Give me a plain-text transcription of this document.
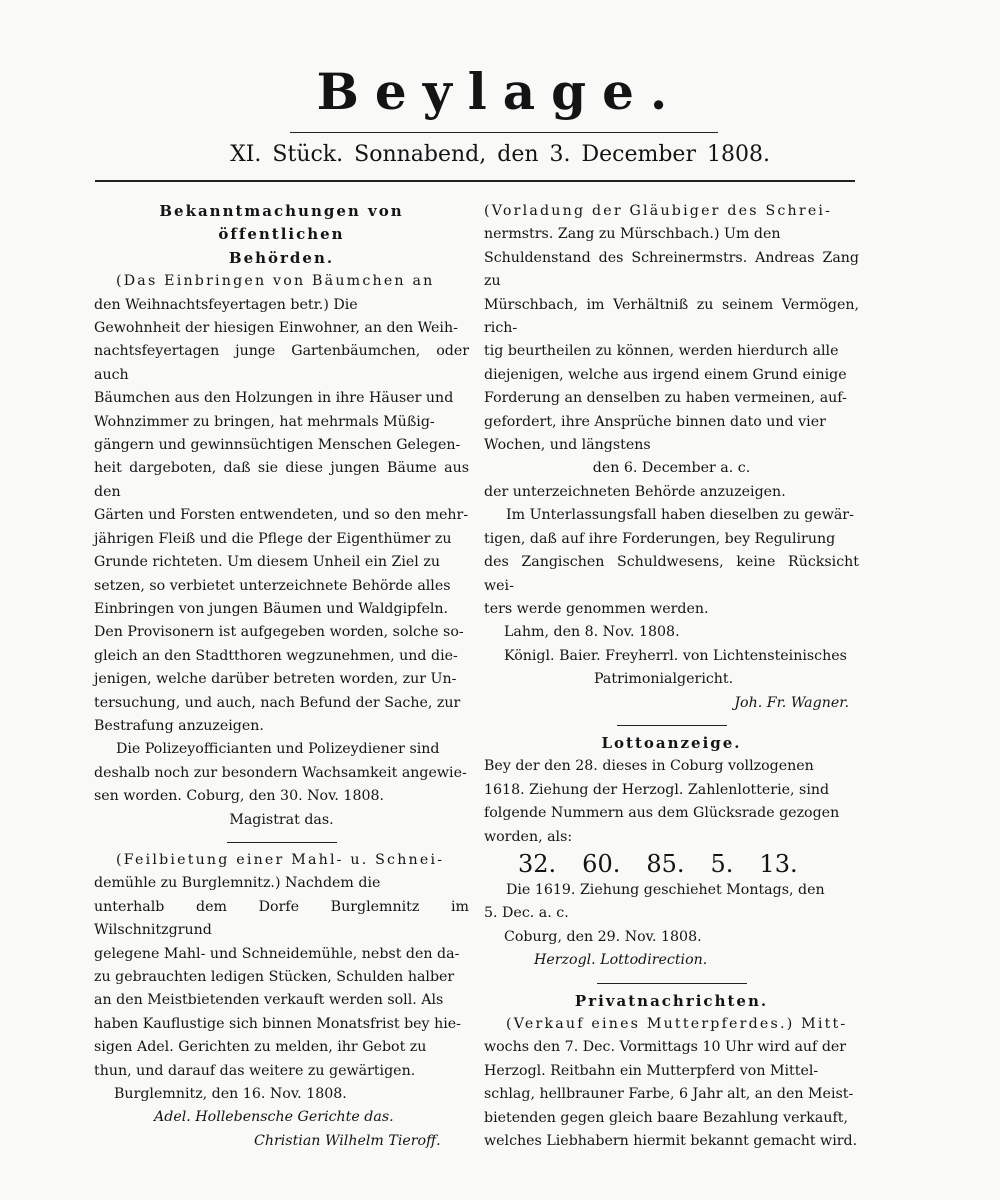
Beylage.
XI. Stück. Sonnabend, den 3. December 1808.

Bekanntmachungen von öffentlichen

Behörden.

(Das Einbringen von Bäumchen an

den Weihnachtsfeyertagen betr.) Die

Gewohnheit der hiesigen Einwohner, an den Weih-

nachtsfeyertagen junge Gartenbäumchen, oder auch

Bäumchen aus den Holzungen in ihre Häuser und

Wohnzimmer zu bringen, hat mehrmals Müßig-

gängern und gewinnsüchtigen Menschen Gelegen-

heit dargeboten, daß sie diese jungen Bäume aus den

Gärten und Forsten entwendeten, und so den mehr-

jährigen Fleiß und die Pflege der Eigenthümer zu

Grunde richteten. Um diesem Unheil ein Ziel zu

setzen, so verbietet unterzeichnete Behörde alles

Einbringen von jungen Bäumen und Waldgipfeln.

Den Provisonern ist aufgegeben worden, solche so-

gleich an den Stadtthoren wegzunehmen, und die-

jenigen, welche darüber betreten worden, zur Un-

tersuchung, und auch, nach Befund der Sache, zur

Bestrafung anzuzeigen.

Die Polizeyofficianten und Polizeydiener sind

deshalb noch zur besondern Wachsamkeit angewie-

sen worden. Coburg, den 30. Nov. 1808.

Magistrat das.

(Feilbietung einer Mahl- u. Schnei-

demühle zu Burglemnitz.) Nachdem die

unterhalb dem Dorfe Burglemnitz im Wilschnitzgrund

gelegene Mahl- und Schneidemühle, nebst den da-

zu gebrauchten ledigen Stücken, Schulden halber

an den Meistbietenden verkauft werden soll. Als

haben Kauflustige sich binnen Monatsfrist bey hie-

sigen Adel. Gerichten zu melden, ihr Gebot zu

thun, und darauf das weitere zu gewärtigen.

Burglemnitz, den 16. Nov. 1808.

Adel. Hollebensche Gerichte das.

Christian Wilhelm Tieroff.

(Vorladung der Gläubiger des Schrei-

nermstrs. Zang zu Mürschbach.) Um den

Schuldenstand des Schreinermstrs. Andreas Zang zu

Mürschbach, im Verhältniß zu seinem Vermögen, rich-

tig beurtheilen zu können, werden hierdurch alle

diejenigen, welche aus irgend einem Grund einige

Forderung an denselben zu haben vermeinen, auf-

gefordert, ihre Ansprüche binnen dato und vier

Wochen, und längstens

den 6. December a. c.

der unterzeichneten Behörde anzuzeigen.

Im Unterlassungsfall haben dieselben zu gewär-

tigen, daß auf ihre Forderungen, bey Regulirung

des Zangischen Schuldwesens, keine Rücksicht wei-

ters werde genommen werden.

Lahm, den 8. Nov. 1808.

Königl. Baier. Freyherrl. von Lichtensteinisches

Patrimonialgericht.

Joh. Fr. Wagner.

Lottoanzeige.

Bey der den 28. dieses in Coburg vollzogenen

1618. Ziehung der Herzogl. Zahlenlotterie, sind

folgende Nummern aus dem Glücksrade gezogen

worden, als:

32. 60. 85. 5. 13.

Die 1619. Ziehung geschiehet Montags, den

5. Dec. a. c.

Coburg, den 29. Nov. 1808.

Herzogl. Lottodirection.

Privatnachrichten.

(Verkauf eines Mutterpferdes.) Mitt-

wochs den 7. Dec. Vormittags 10 Uhr wird auf der

Herzogl. Reitbahn ein Mutterpferd von Mittel-

schlag, hellbrauner Farbe, 6 Jahr alt, an den Meist-

bietenden gegen gleich baare Bezahlung verkauft,

welches Liebhabern hiermit bekannt gemacht wird.
